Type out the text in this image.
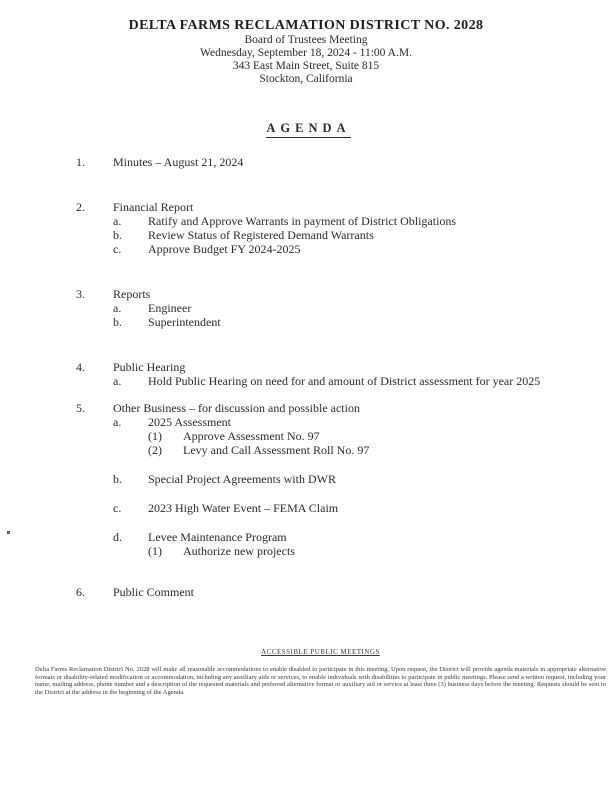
DELTA FARMS RECLAMATION DISTRICT NO. 2028
Board of Trustees Meeting
Wednesday, September 18, 2024 - 11:00 A.M.
343 East Main Street, Suite 815
Stockton, California
AGENDA
1.	Minutes – August 21, 2024
2.	Financial Report
a.	Ratify and Approve Warrants in payment of District Obligations
b.	Review Status of Registered Demand Warrants
c.	Approve Budget FY 2024-2025
3.	Reports
a.	Engineer
b.	Superintendent
4.	Public Hearing
a.	Hold Public Hearing on need for and amount of District assessment for year 2025
5.	Other Business – for discussion and possible action
a.	2025 Assessment
(1)	Approve Assessment No. 97
(2)	Levy and Call Assessment Roll No. 97
b.	Special Project Agreements with DWR
c.	2023 High Water Event – FEMA Claim
d.	Levee Maintenance Program
(1)	Authorize new projects
6.	Public Comment
ACCESSIBLE PUBLIC MEETINGS
Delta Farms Reclamation District No. 2028 will make all reasonable accommodations to enable disabled to participate in this meeting. Upon request, the District will provide agenda materials in appropriate alternative formats or disability-related modification or accommodation, including any auxiliary aids or services, to enable individuals with disabilities to participate in public meetings. Please send a written request, including your name, mailing address, phone number and a description of the requested materials and preferred alternative format or auxiliary aid or service at least three (3) business days before the meeting. Requests should be sent to the District at the address in the beginning of the Agenda.
